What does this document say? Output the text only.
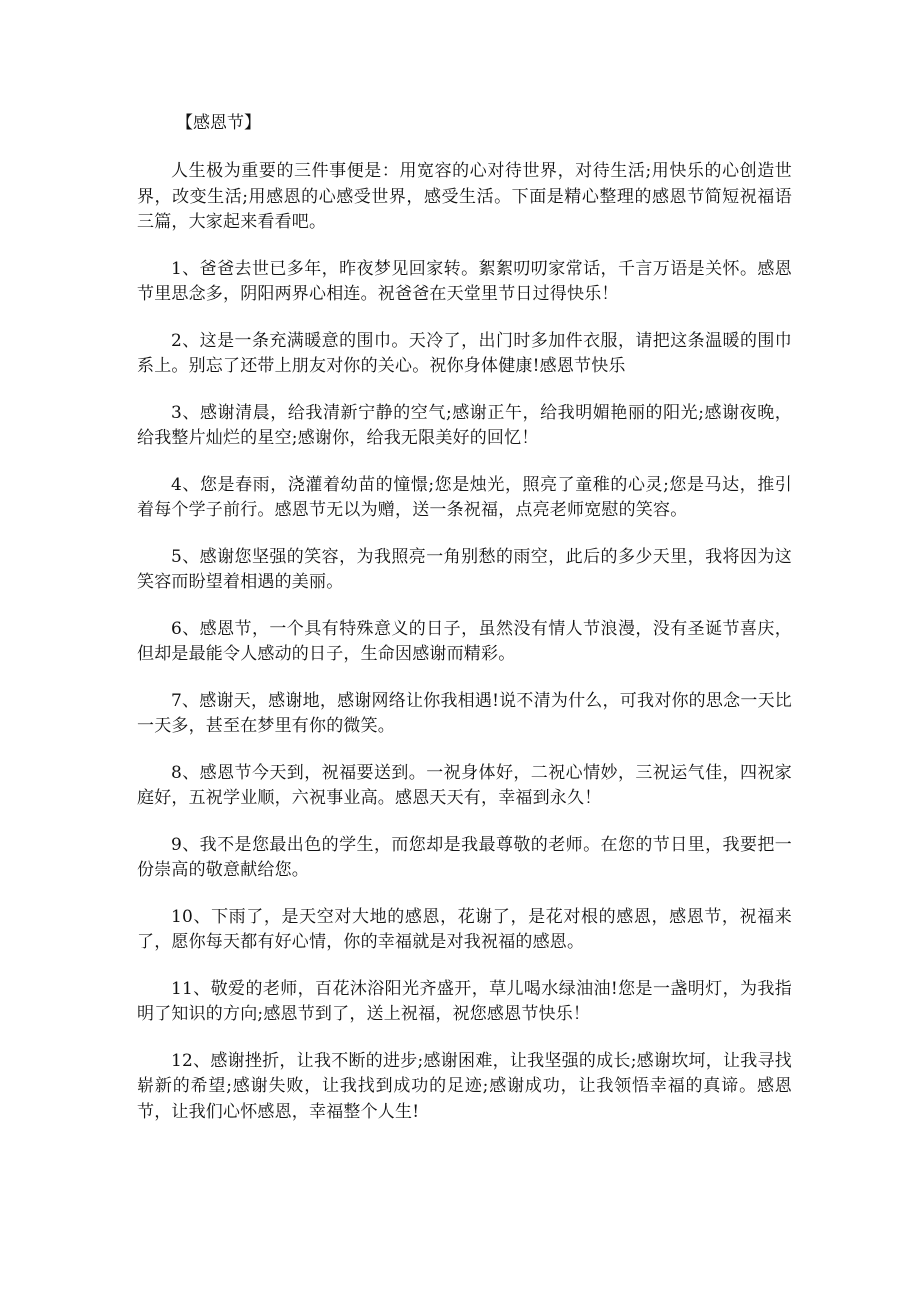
【感恩节】

人生极为重要的三件事便是：用宽容的心对待世界，对待生活;用快乐的心创造世界，改变生活;用感恩的心感受世界，感受生活。下面是精心整理的感恩节简短祝福语三篇，大家起来看看吧。

1、爸爸去世已多年，昨夜梦见回家转。絮絮叨叨家常话，千言万语是关怀。感恩节里思念多，阴阳两界心相连。祝爸爸在天堂里节日过得快乐！

2、这是一条充满暖意的围巾。天冷了，出门时多加件衣服，请把这条温暖的围巾系上。别忘了还带上朋友对你的关心。祝你身体健康!感恩节快乐

3、感谢清晨，给我清新宁静的空气;感谢正午，给我明媚艳丽的阳光;感谢夜晚，给我整片灿烂的星空;感谢你，给我无限美好的回忆！

4、您是春雨，浇灌着幼苗的憧憬;您是烛光，照亮了童稚的心灵;您是马达，推引着每个学子前行。感恩节无以为赠，送一条祝福，点亮老师宽慰的笑容。

5、感谢您坚强的笑容，为我照亮一角别愁的雨空，此后的多少天里，我将因为这笑容而盼望着相遇的美丽。

6、感恩节，一个具有特殊意义的日子，虽然没有情人节浪漫，没有圣诞节喜庆，但却是最能令人感动的日子，生命因感谢而精彩。

7、感谢天，感谢地，感谢网络让你我相遇!说不清为什么，可我对你的思念一天比一天多，甚至在梦里有你的微笑。

8、感恩节今天到，祝福要送到。一祝身体好，二祝心情妙，三祝运气佳，四祝家庭好，五祝学业顺，六祝事业高。感恩天天有，幸福到永久！

9、我不是您最出色的学生，而您却是我最尊敬的老师。在您的节日里，我要把一份崇高的敬意献给您。

10、下雨了，是天空对大地的感恩，花谢了，是花对根的感恩，感恩节，祝福来了，愿你每天都有好心情，你的幸福就是对我祝福的感恩。

11、敬爱的老师，百花沐浴阳光齐盛开，草儿喝水绿油油!您是一盏明灯，为我指明了知识的方向;感恩节到了，送上祝福，祝您感恩节快乐！

12、感谢挫折，让我不断的进步;感谢困难，让我坚强的成长;感谢坎坷，让我寻找崭新的希望;感谢失败，让我找到成功的足迹;感谢成功，让我领悟幸福的真谛。感恩节，让我们心怀感恩，幸福整个人生!
